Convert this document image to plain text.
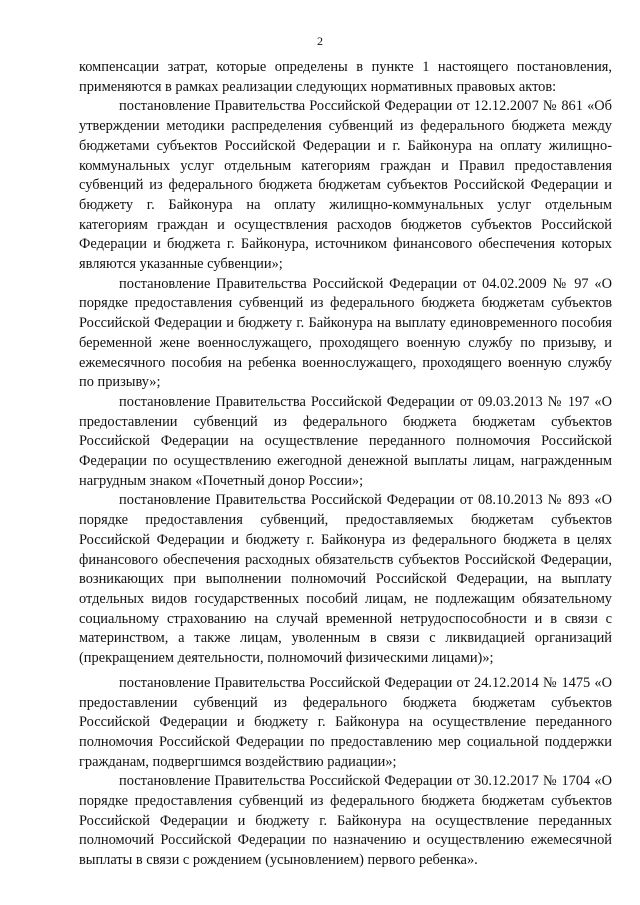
2

компенсации затрат, которые определены в пункте 1 настоящего постановления, применяются в рамках реализации следующих нормативных правовых актов:

постановление Правительства Российской Федерации от 12.12.2007 № 861 «Об утверждении методики распределения субвенций из федерального бюджета между бюджетами субъектов Российской Федерации и г. Байконура на оплату жилищно-коммунальных услуг отдельным категориям граждан и Правил предоставления субвенций из федерального бюджета бюджетам субъектов Российской Федерации и бюджету г. Байконура на оплату жилищно-коммунальных услуг отдельным категориям граждан и осуществления расходов бюджетов субъектов Российской Федерации и бюджета г. Байконура, источником финансового обеспечения которых являются указанные субвенции»;

постановление Правительства Российской Федерации от 04.02.2009 № 97 «О порядке предоставления субвенций из федерального бюджета бюджетам субъектов Российской Федерации и бюджету г. Байконура на выплату единовременного пособия беременной жене военнослужащего, проходящего военную службу по призыву, и ежемесячного пособия на ребенка военнослужащего, проходящего военную службу по призыву»;

постановление Правительства Российской Федерации от 09.03.2013 № 197 «О предоставлении субвенций из федерального бюджета бюджетам субъектов Российской Федерации на осуществление переданного полномочия Российской Федерации по осуществлению ежегодной денежной выплаты лицам, награжденным нагрудным знаком «Почетный донор России»;

постановление Правительства Российской Федерации от 08.10.2013 № 893 «О порядке предоставления субвенций, предоставляемых бюджетам субъектов Российской Федерации и бюджету г. Байконура из федерального бюджета в целях финансового обеспечения расходных обязательств субъектов Российской Федерации, возникающих при выполнении полномочий Российской Федерации, на выплату отдельных видов государственных пособий лицам, не подлежащим обязательному социальному страхованию на случай временной нетрудоспособности и в связи с материнством, а также лицам, уволенным в связи с ликвидацией организаций (прекращением деятельности, полномочий физическими лицами)»;

постановление Правительства Российской Федерации от 24.12.2014 № 1475 «О предоставлении субвенций из федерального бюджета бюджетам субъектов Российской Федерации и бюджету г. Байконура на осуществление переданного полномочия Российской Федерации по предоставлению мер социальной поддержки гражданам, подвергшимся воздействию радиации»;

постановление Правительства Российской Федерации от 30.12.2017 № 1704 «О порядке предоставления субвенций из федерального бюджета бюджетам субъектов Российской Федерации и бюджету г. Байконура на осуществление переданных полномочий Российской Федерации по назначению и осуществлению ежемесячной выплаты в связи с рождением (усыновлением) первого ребенка».
